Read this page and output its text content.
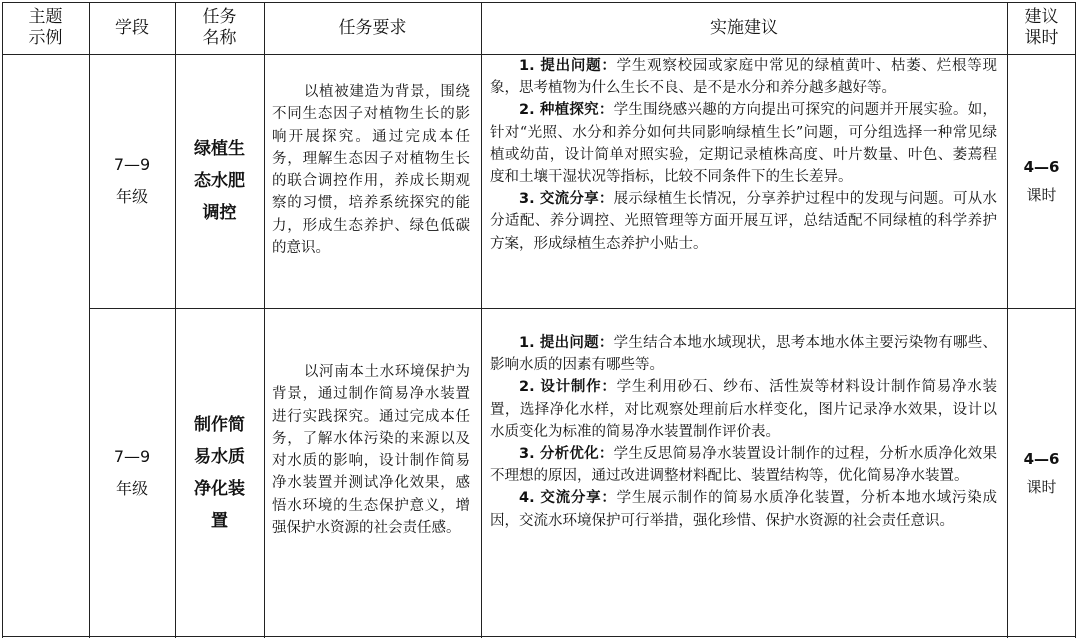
主题
示例
学段
任务
名称
任务要求	实施建议
建议
课时
7—9
年级
绿植生
态水肥
调控
以植被建造为背景，围绕不同生态因子对植物生长的影响开展探究。通过完成本任务，理解生态因子对植物生长的联合调控作用，养成长期观察的习惯，培养系统探究的能力，形成生态养护、绿色低碳的意识。

1. 提出问题：学生观察校园或家庭中常见的绿植黄叶、枯萎、烂根等现象，思考植物为什么生长不良、是不是水分和养分越多越好等。

2. 种植探究：学生围绕感兴趣的方向提出可探究的问题并开展实验。如，针对“光照、水分和养分如何共同影响绿植生长”问题，可分组选择一种常见绿植或幼苗，设计简单对照实验，定期记录植株高度、叶片数量、叶色、萎蔫程度和土壤干湿状况等指标，比较不同条件下的生长差异。

3. 交流分享：展示绿植生长情况，分享养护过程中的发现与问题。可从水分适配、养分调控、光照管理等方面开展互评，总结适配不同绿植的科学养护方案，形成绿植生态养护小贴士。

4—6
课时
7—9
年级
制作简
易水质
净化装
置
以河南本土水环境保护为背景，通过制作简易净水装置进行实践探究。通过完成本任务，了解水体污染的来源以及对水质的影响，设计制作简易净水装置并测试净化效果，感悟水环境的生态保护意义，增强保护水资源的社会责任感。

1. 提出问题：学生结合本地水域现状，思考本地水体主要污染物有哪些、影响水质的因素有哪些等。

2. 设计制作：学生利用砂石、纱布、活性炭等材料设计制作简易净水装置，选择净化水样，对比观察处理前后水样变化，图片记录净水效果，设计以水质变化为标准的简易净水装置制作评价表。

3. 分析优化：学生反思简易净水装置设计制作的过程，分析水质净化效果不理想的原因，通过改进调整材料配比、装置结构等，优化简易净水装置。

4. 交流分享：学生展示制作的简易水质净化装置，分析本地水域污染成因，交流水环境保护可行举措，强化珍惜、保护水资源的社会责任意识。

4—6
课时
